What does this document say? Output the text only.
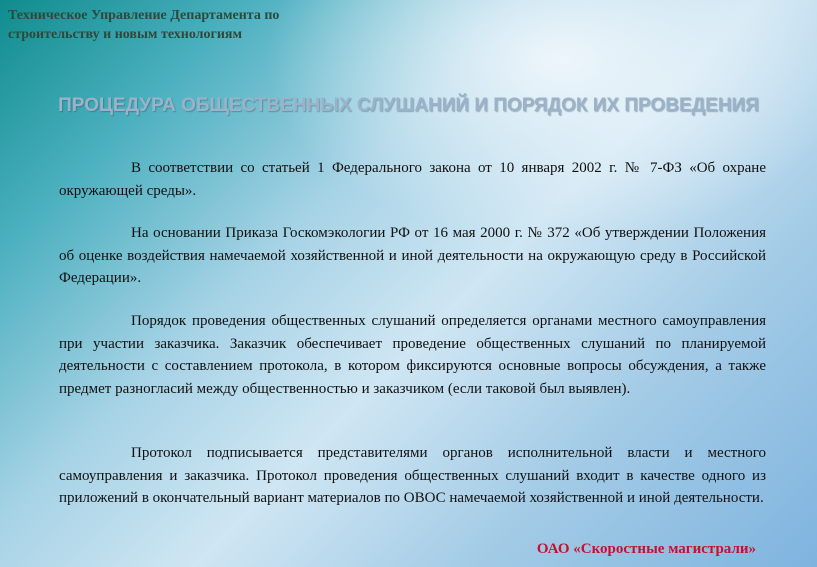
Техническое Управление Департамента по строительству и новым технологиям
ПРОЦЕДУРА ОБЩЕСТВЕННЫХ СЛУШАНИЙ И ПОРЯДОК ИХ ПРОВЕДЕНИЯ
В соответствии со статьей 1 Федерального закона от 10 января 2002 г. № 7-ФЗ «Об охране окружающей среды».
На основании Приказа Госкомэкологии РФ от 16 мая 2000 г. № 372 «Об утверждении Положения об оценке воздействия намечаемой хозяйственной и иной деятельности на окружающую среду в Российской Федерации».
Порядок проведения общественных слушаний определяется органами местного самоуправления при участии заказчика. Заказчик обеспечивает проведение общественных слушаний по планируемой деятельности с составлением протокола, в котором фиксируются основные вопросы обсуждения, а также предмет разногласий между общественностью и заказчиком (если таковой был выявлен).
Протокол подписывается представителями органов исполнительной власти и местного самоуправления и заказчика. Протокол проведения общественных слушаний входит в качестве одного из приложений в окончательный вариант материалов по ОВОС намечаемой хозяйственной и иной деятельности.
ОАО «Скоростные магистрали»
